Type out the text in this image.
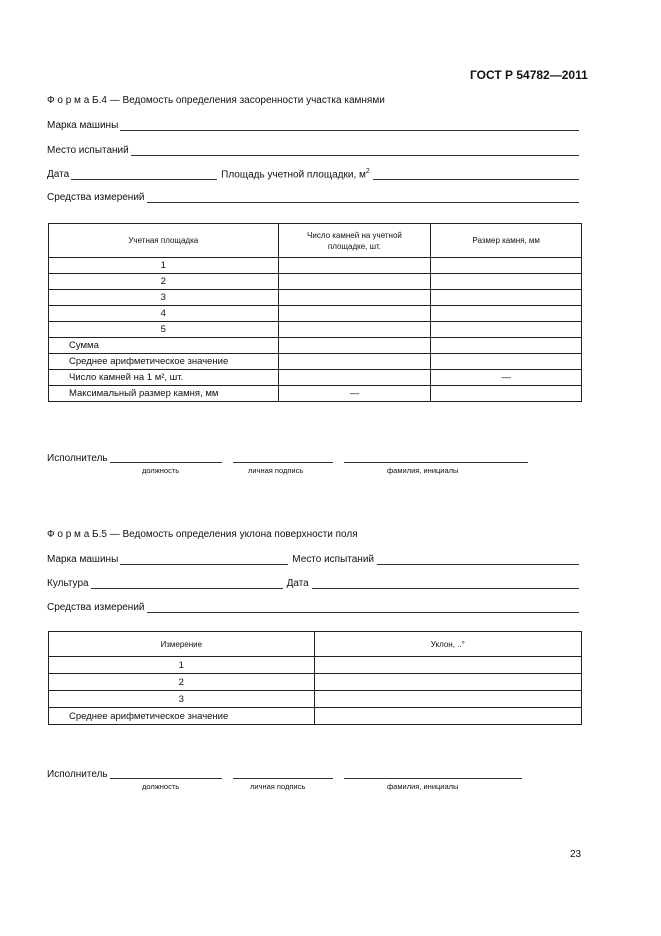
ГОСТ Р 54782—2011
Ф о р м а Б.4 — Ведомость определения засоренности участка камнями
Марка машины
Место испытаний
Дата	Площадь учетной площадки, $м^2$
Средства измерений
Учетная площадка	Число камней на учетной площадке, шт.	Размер камня, мм
1		
2		
3		
4		
5		
Сумма		
Среднее арифметическое значение		
Число камней на 1 м², шт.		—
Максимальный размер камня, мм	—	
Исполнитель
должность	личная подпись	фамилия, инициалы
Ф о р м а Б.5 — Ведомость определения уклона поверхности поля
Марка машины	Место испытаний
Культура	Дата
Средства измерений
Измерение	Уклон, ..°
1	
2	
3	
Среднее арифметическое значение	
Исполнитель
должность	личная подпись	фамилия, инициалы
23
